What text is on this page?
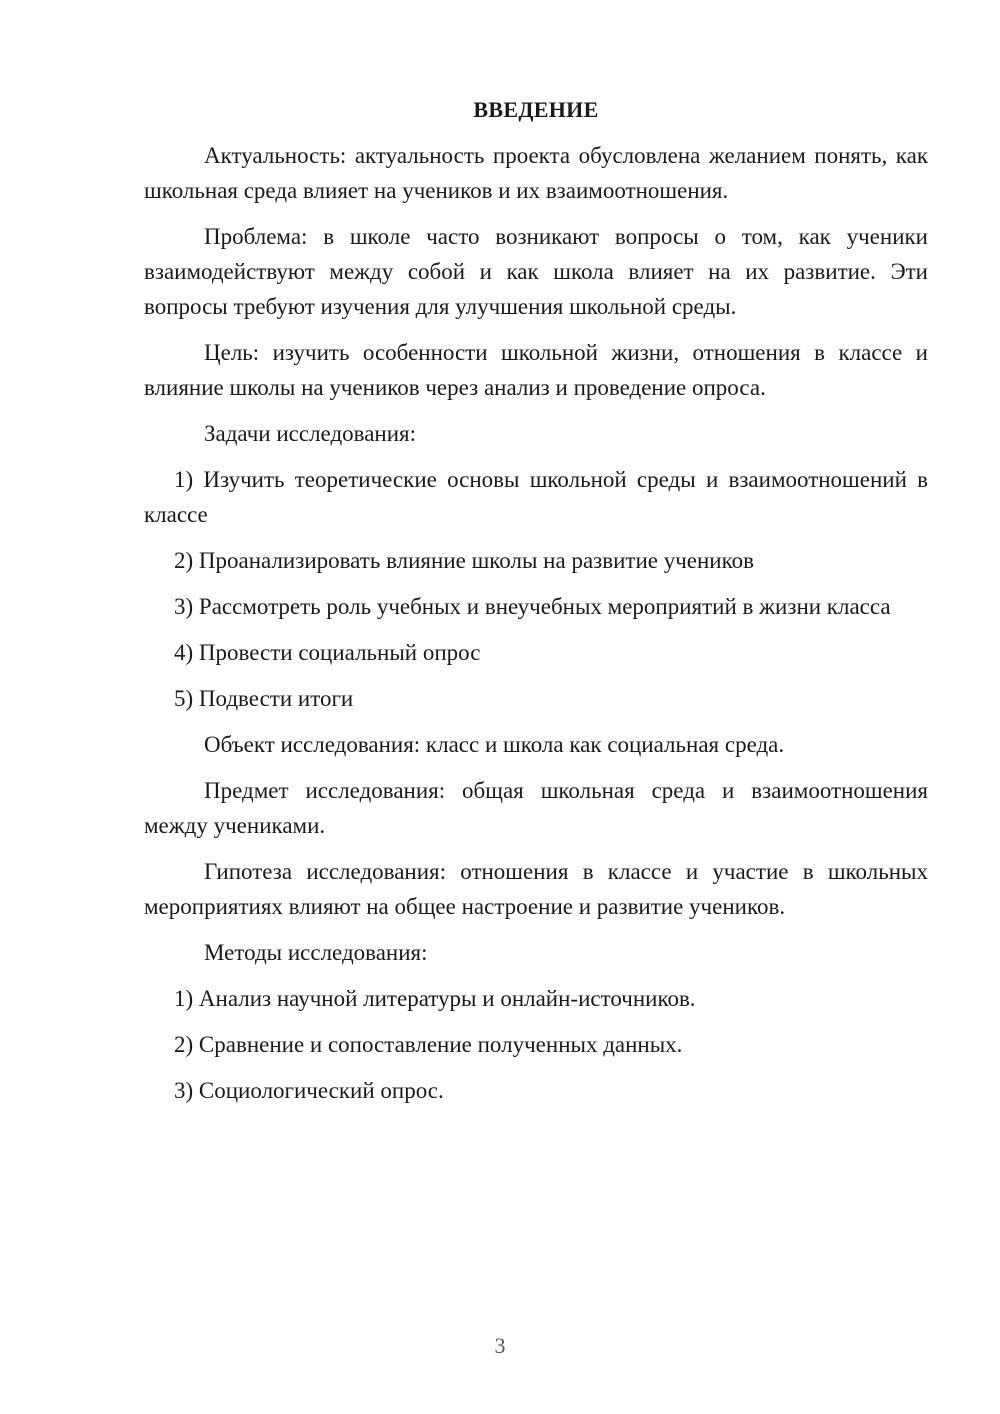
ВВЕДЕНИЕ

Актуальность: актуальность проекта обусловлена желанием понять, как школьная среда влияет на учеников и их взаимоотношения.

Проблема: в школе часто возникают вопросы о том, как ученики взаимодействуют между собой и как школа влияет на их развитие. Эти вопросы требуют изучения для улучшения школьной среды.

Цель: изучить особенности школьной жизни, отношения в классе и влияние школы на учеников через анализ и проведение опроса.

Задачи исследования:

1) Изучить теоретические основы школьной среды и взаимоотношений в классе

2) Проанализировать влияние школы на развитие учеников

3) Рассмотреть роль учебных и внеучебных мероприятий в жизни класса

4) Провести социальный опрос

5) Подвести итоги

Объект исследования: класс и школа как социальная среда.

Предмет исследования: общая школьная среда и взаимоотношения между учениками.

Гипотеза исследования: отношения в классе и участие в школьных мероприятиях влияют на общее настроение и развитие учеников.

Методы исследования:

1) Анализ научной литературы и онлайн-источников.

2) Сравнение и сопоставление полученных данных.

3) Социологический опрос.

3
